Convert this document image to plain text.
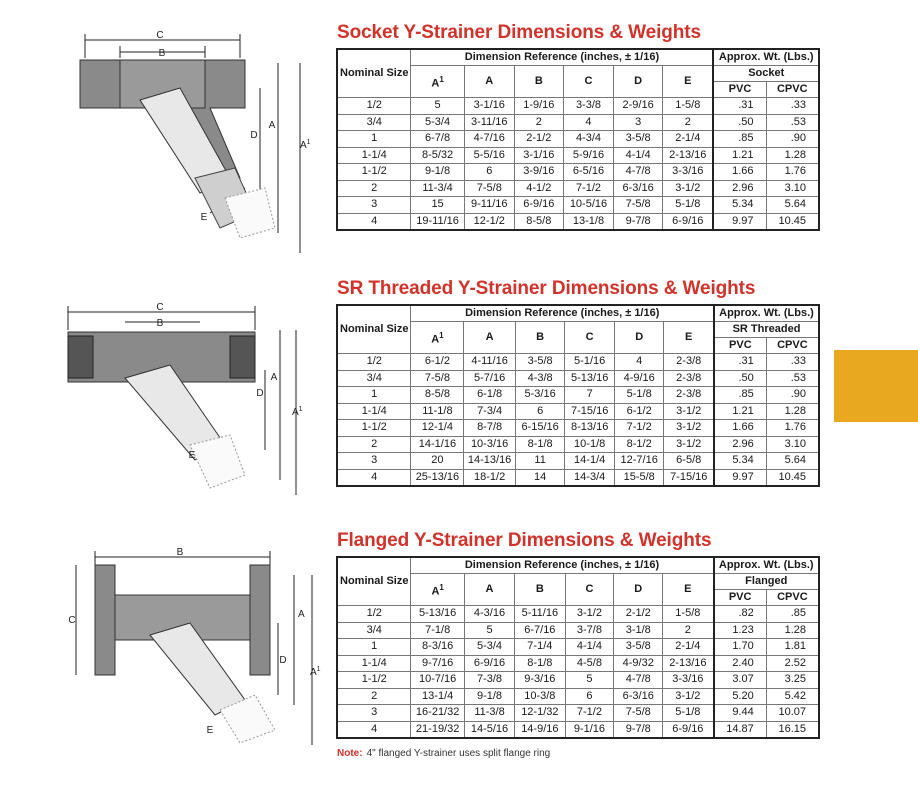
Socket Y-Strainer Dimensions & Weights
SR Threaded Y-Strainer Dimensions & Weights
Flanged Y-Strainer Dimensions & Weights
Nominal Size	Dimension Reference (inches, ± 1/16)						Approx. Wt. (Lbs.)	
	$A^1$	A	B	C	D	E	Socket	
							PVC	CPVC
1/2	5	3-1/16	1-9/16	3-3/8	2-9/16	1-5/8	.31	.33
3/4	5-3/4	3-11/16	2	4	3	2	.50	.53
1	6-7/8	4-7/16	2-1/2	4-3/4	3-5/8	2-1/4	.85	.90
1-1/4	8-5/32	5-5/16	3-1/16	5-9/16	4-1/4	2-13/16	1.21	1.28
1-1/2	9-1/8	6	3-9/16	6-5/16	4-7/8	3-3/16	1.66	1.76
2	11-3/4	7-5/8	4-1/2	7-1/2	6-3/16	3-1/2	2.96	3.10
3	15	9-11/16	6-9/16	10-5/16	7-5/8	5-1/8	5.34	5.64
4	19-11/16	12-1/2	8-5/8	13-1/8	9-7/8	6-9/16	9.97	10.45
Nominal Size	Dimension Reference (inches, ± 1/16)						Approx. Wt. (Lbs.)	
	$A^1$	A	B	C	D	E	SR Threaded	
							PVC	CPVC
1/2	6-1/2	4-11/16	3-5/8	5-1/16	4	2-3/8	.31	.33
3/4	7-5/8	5-7/16	4-3/8	5-13/16	4-9/16	2-3/8	.50	.53
1	8-5/8	6-1/8	5-3/16	7	5-1/8	2-3/8	.85	.90
1-1/4	11-1/8	7-3/4	6	7-15/16	6-1/2	3-1/2	1.21	1.28
1-1/2	12-1/4	8-7/8	6-15/16	8-13/16	7-1/2	3-1/2	1.66	1.76
2	14-1/16	10-3/16	8-1/8	10-1/8	8-1/2	3-1/2	2.96	3.10
3	20	14-13/16	11	14-1/4	12-7/16	6-5/8	5.34	5.64
4	25-13/16	18-1/2	14	14-3/4	15-5/8	7-15/16	9.97	10.45
Nominal Size	Dimension Reference (inches, ± 1/16)						Approx. Wt. (Lbs.)	
	$A^1$	A	B	C	D	E	Flanged	
							PVC	CPVC
1/2	5-13/16	4-3/16	5-11/16	3-1/2	2-1/2	1-5/8	.82	.85
3/4	7-1/8	5	6-7/16	3-7/8	3-1/8	2	1.23	1.28
1	8-3/16	5-3/4	7-1/4	4-1/4	3-5/8	2-1/4	1.70	1.81
1-1/4	9-7/16	6-9/16	8-1/8	4-5/8	4-9/32	2-13/16	2.40	2.52
1-1/2	10-7/16	7-3/8	9-3/16	5	4-7/8	3-3/16	3.07	3.25
2	13-1/4	9-1/8	10-3/8	6	6-3/16	3-1/2	5.20	5.42
3	16-21/32	11-3/8	12-1/32	7-1/2	7-5/8	5-1/8	9.44	10.07
4	21-19/32	14-5/16	14-9/16	9-1/16	9-7/8	6-9/16	14.87	16.15
Note: 4" flanged Y-strainer uses split flange ring
C
B
A
$A^1$
D
E
C
B
A
$A^1$
D
E
B
C
A
$A^1$
D
E
